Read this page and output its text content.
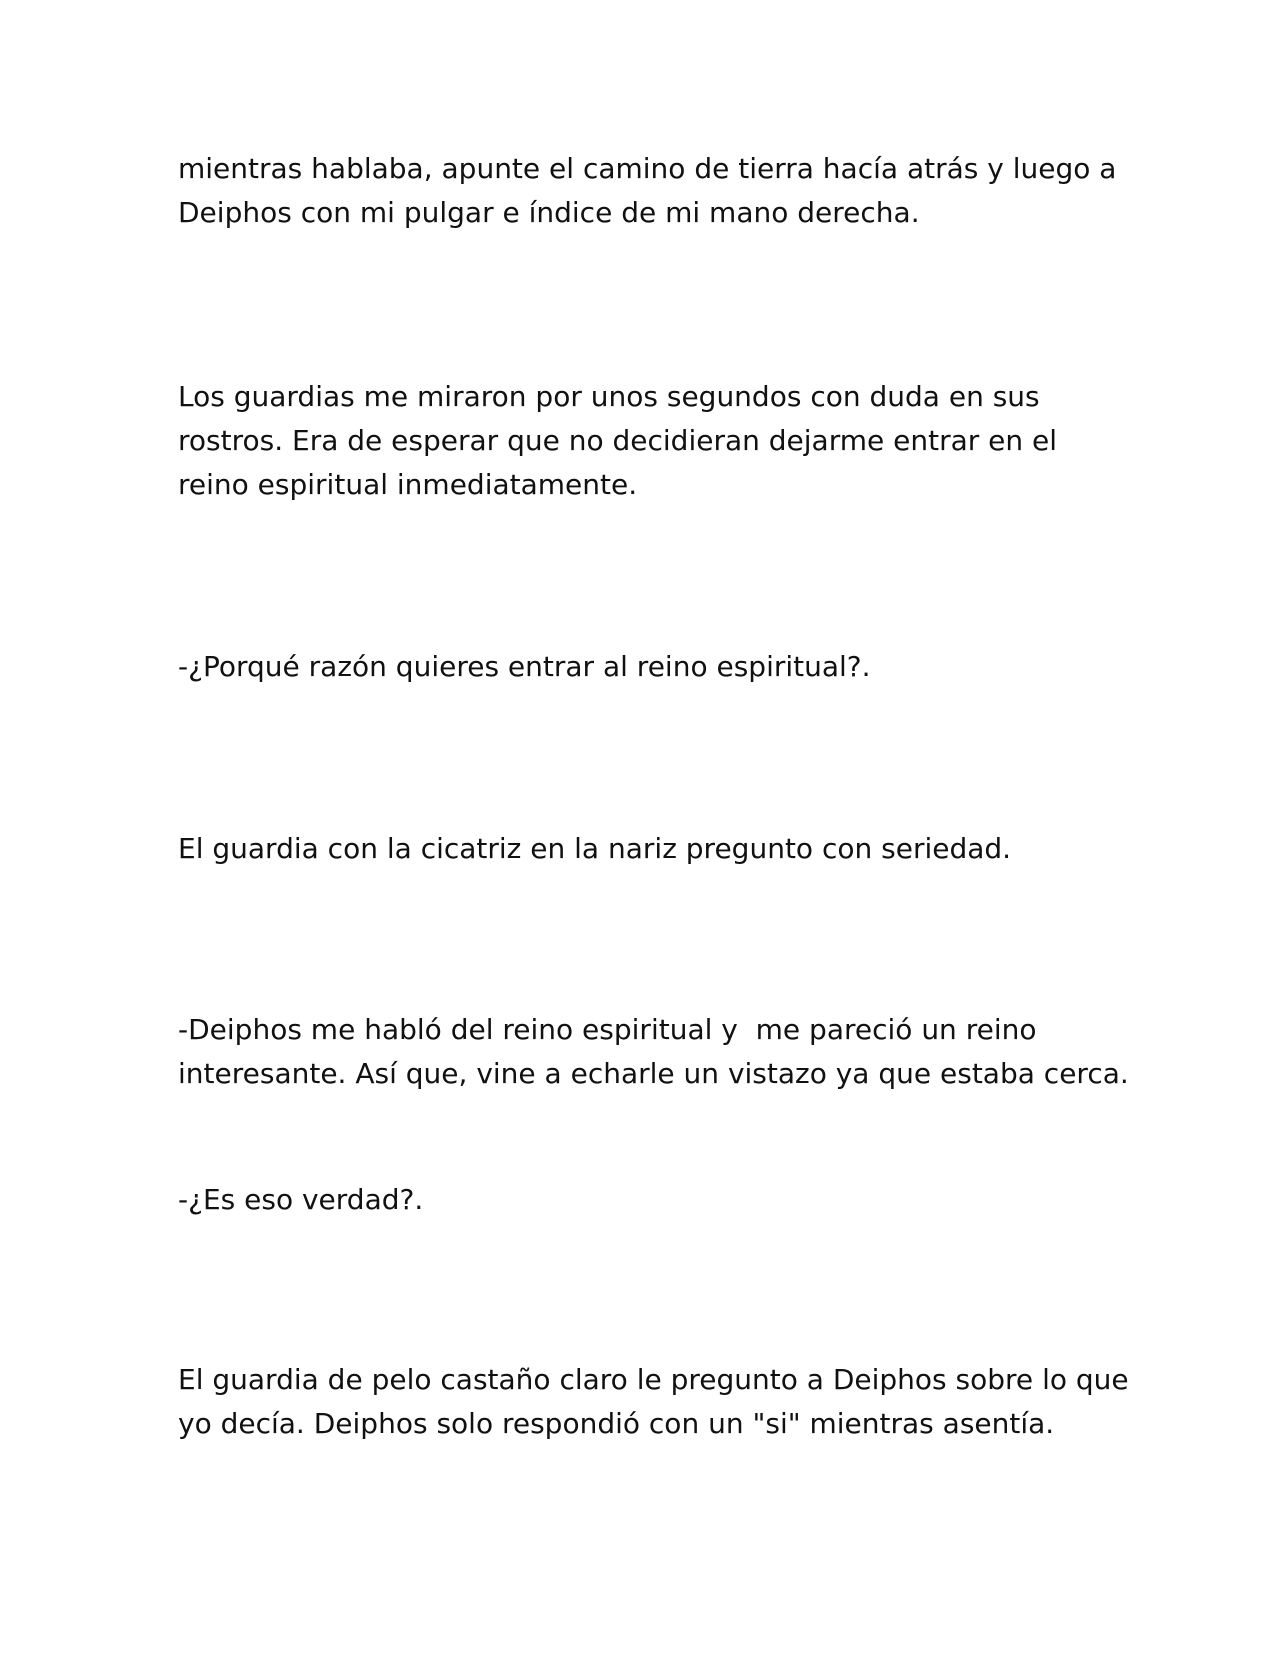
mientras hablaba, apunte el camino de tierra hacía atrás y luego a
Deiphos con mi pulgar e índice de mi mano derecha.

Los guardias me miraron por unos segundos con duda en sus
rostros. Era de esperar que no decidieran dejarme entrar en el
reino espiritual inmediatamente.

-¿Porqué razón quieres entrar al reino espiritual?.

El guardia con la cicatriz en la nariz pregunto con seriedad.

-Deiphos me habló del reino espiritual y  me pareció un reino
interesante. Así que, vine a echarle un vistazo ya que estaba cerca.

-¿Es eso verdad?.

El guardia de pelo castaño claro le pregunto a Deiphos sobre lo que
yo decía. Deiphos solo respondió con un "si" mientras asentía.
